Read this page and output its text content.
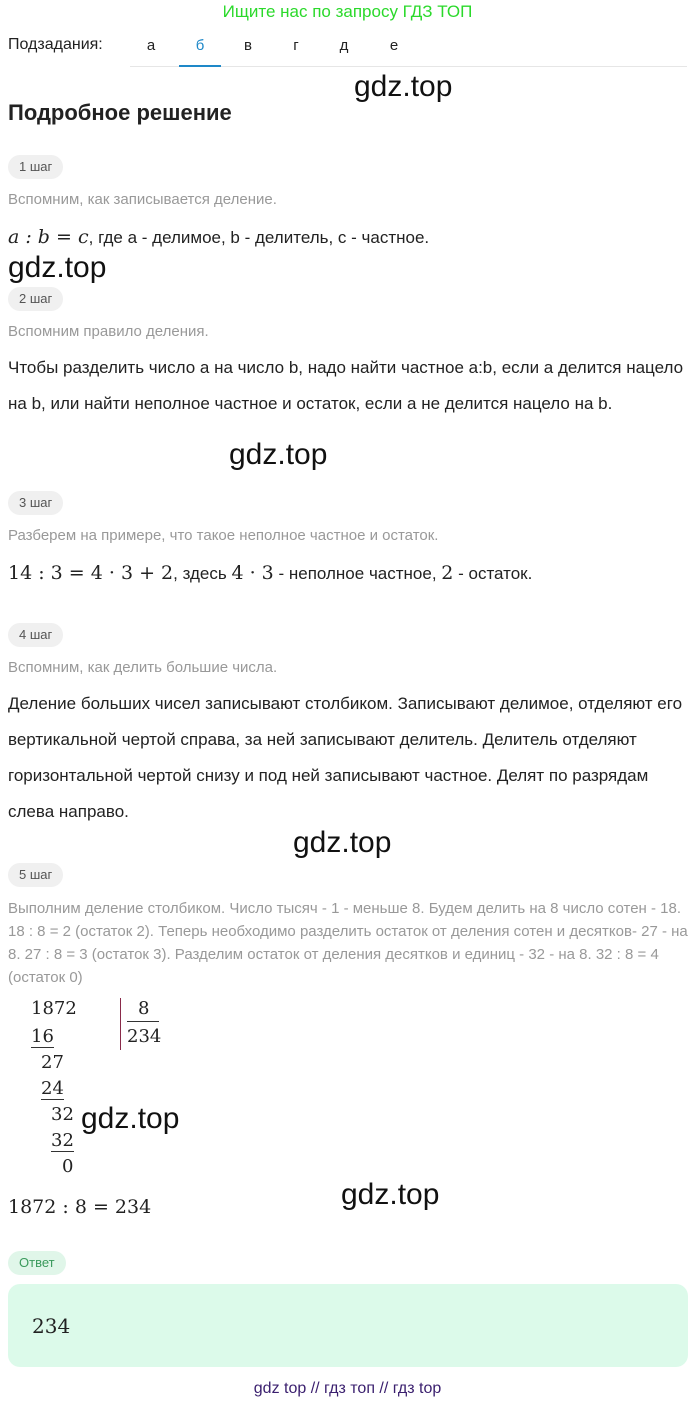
Ищите нас по запросу ГДЗ ТОП
Подзадания:	а	б	в	г	д	е
gdz.top
Подробное решение
1 шаг
Вспомним, как записывается деление.
a : b = c, где а - делимое, b - делитель, с - частное.
gdz.top
2 шаг
Вспомним правило деления.
Чтобы разделить число а на число b, надо найти частное a:b, если а делится нацело на b, или найти неполное частное и остаток, если а не делится нацело на b.
gdz.top
3 шаг
Разберем на примере, что такое неполное частное и остаток.
14 : 3 = 4 · 3 + 2, здесь 4 · 3 - неполное частное, 2 - остаток.
4 шаг
Вспомним, как делить большие числа.
Деление больших чисел записывают столбиком. Записывают делимое, отделяют его вертикальной чертой справа, за ней записывают делитель. Делитель отделяют горизонтальной чертой снизу и под ней записывают частное. Делят по разрядам слева направо.
gdz.top
5 шаг
Выполним деление столбиком. Число тысяч - 1 - меньше 8. Будем делить на 8 число сотен - 18. 18 : 8 = 2 (остаток 2). Теперь необходимо разделить остаток от деления сотен и десятков- 27 - на 8. 27 : 8 = 3 (остаток 3). Разделим остаток от деления десятков и единиц - 32 - на 8. 32 : 8 = 4 (остаток 0)
1872	8
234
16
27
24
32
32
0
gdz.top
1872 : 8 = 234	gdz.top
Ответ
234
gdz top // гдз топ // гдз top
